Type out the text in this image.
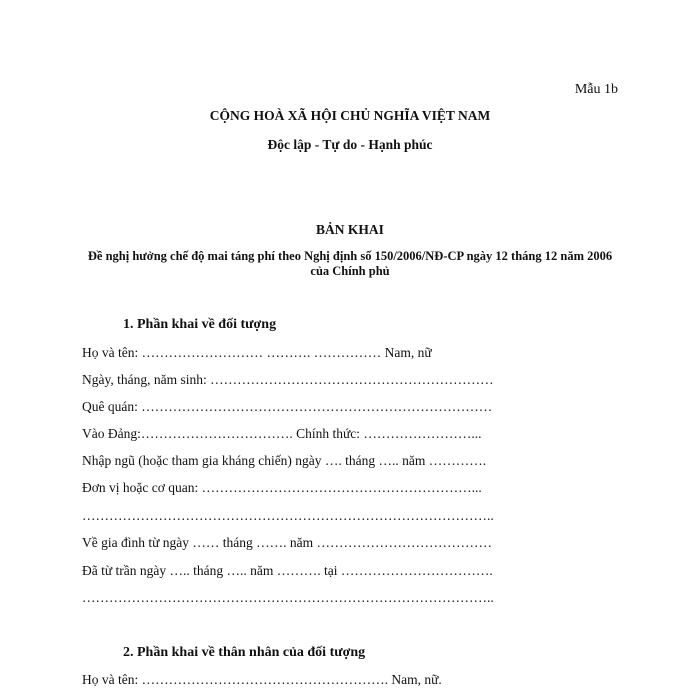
Mẫu 1b
CỘNG HOÀ XÃ HỘI CHỦ NGHĨA VIỆT NAM
Độc lập - Tự do - Hạnh phúc
BẢN KHAI
Đề nghị hưởng chế độ mai táng phí theo Nghị định số 150/2006/NĐ-CP ngày 12 tháng 12 năm 2006 của Chính phủ
1. Phần khai về đối tượng
Họ và tên: ……………………… ………. …………… Nam, nữ
Ngày, tháng, năm sinh: ………………………………………………………
Quê quán: ……………………………………………………………………
Vào Đảng:……………………………. Chính thức: ……………………...
Nhập ngũ (hoặc tham gia kháng chiến) ngày …. tháng ….. năm ………….
Đơn vị hoặc cơ quan: ……………………………………………………...
………………………………………………………………………………..
Về gia đình từ ngày …… tháng ……. năm …………………………………
Đã từ trần ngày ….. tháng ….. năm ………. tại …………………………….
………………………………………………………………………………..
2. Phần khai về thân nhân của đối tượng
Họ và tên: ………………………………………………. Nam, nữ.
